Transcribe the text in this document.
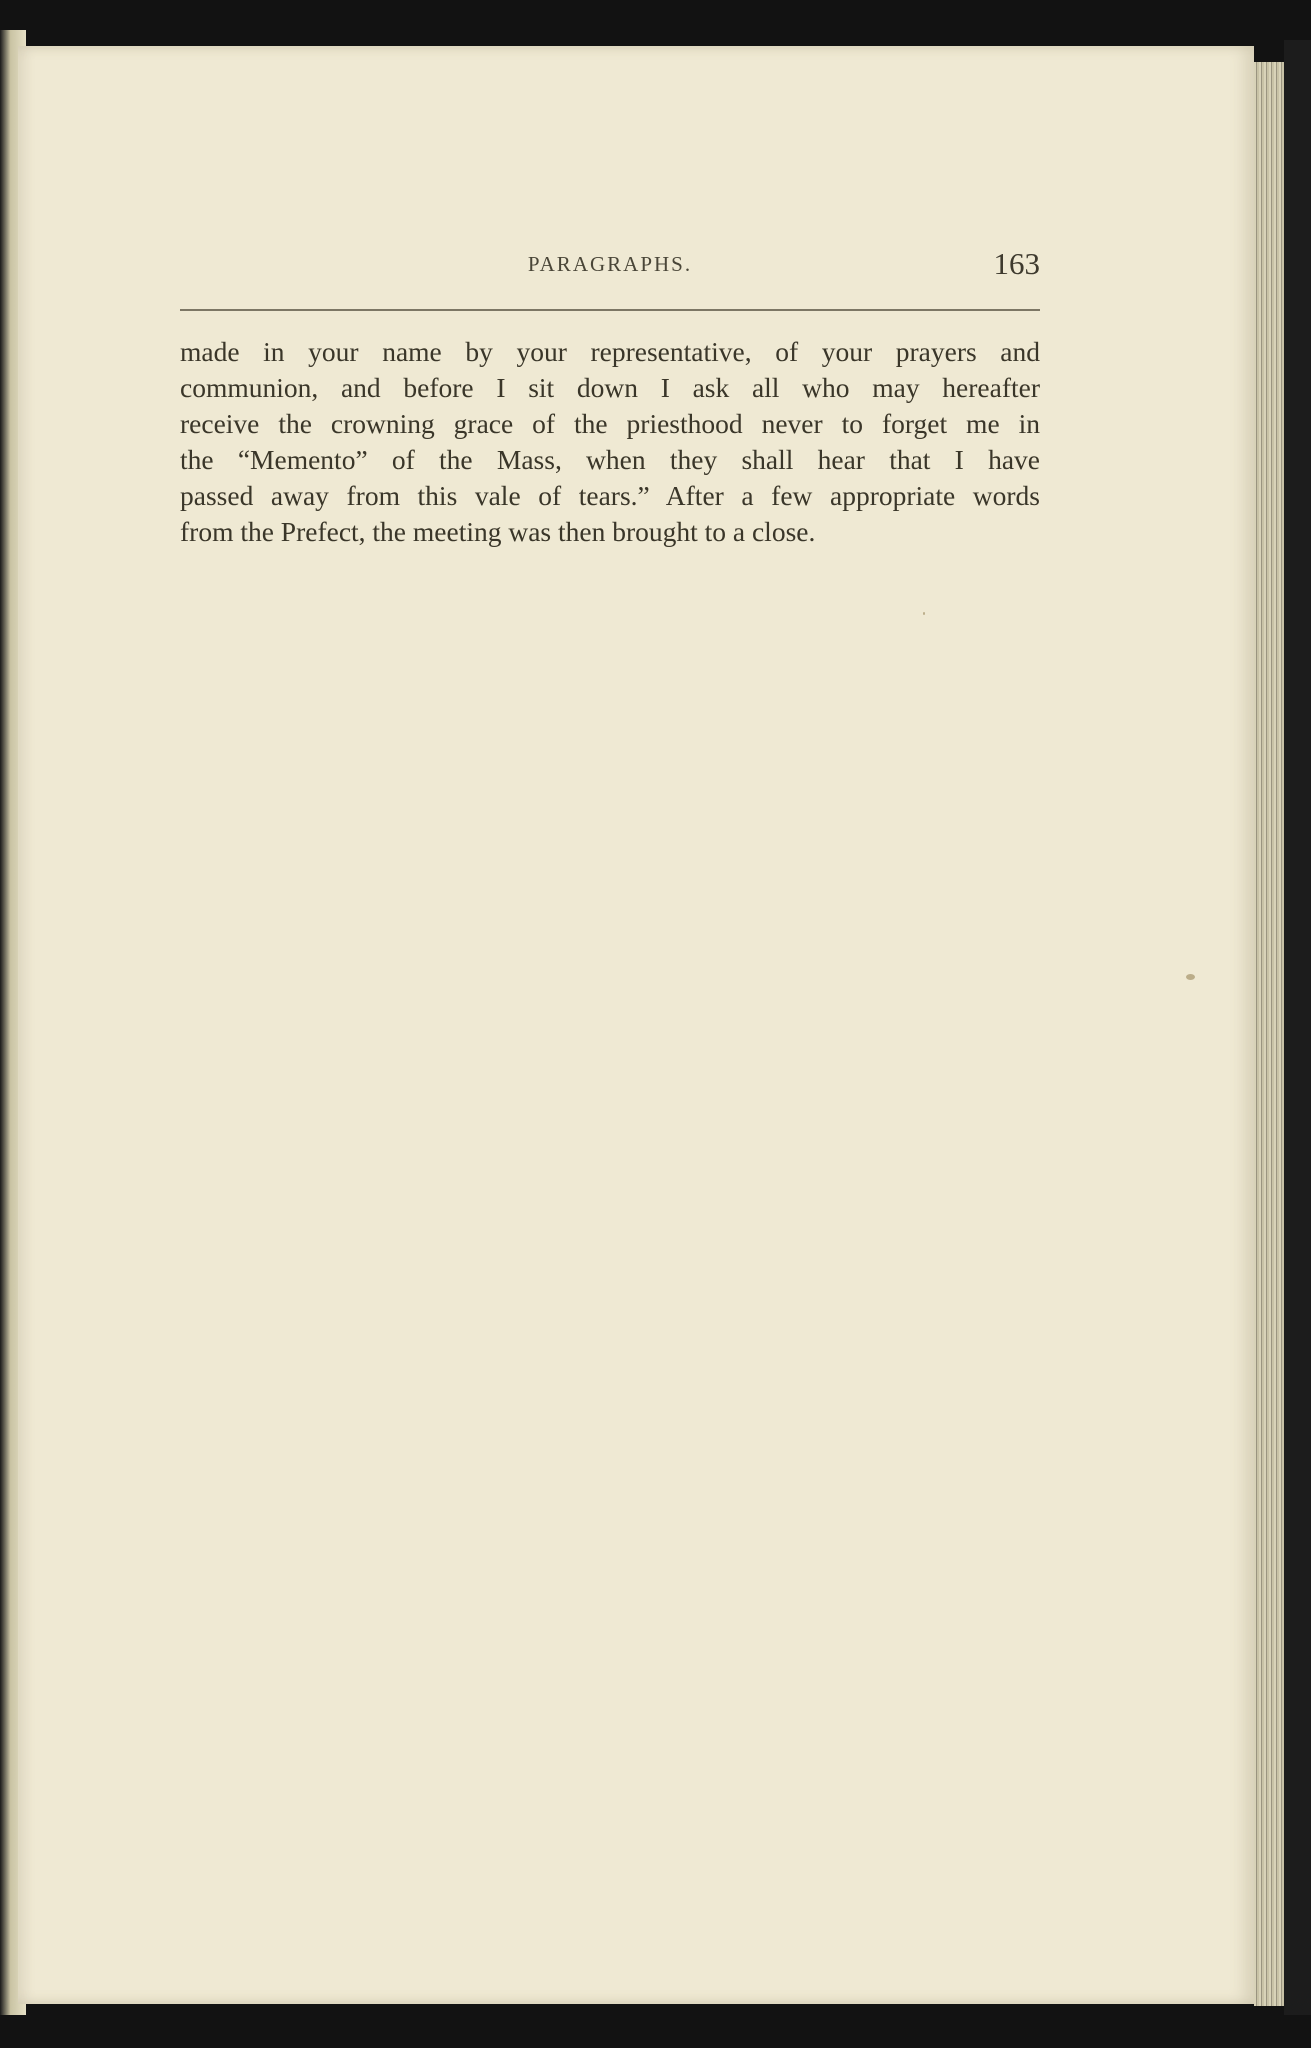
PARAGRAPHS.	163
made in your name by your representative, of your prayers and
communion, and before I sit down I ask all who may hereafter
receive the crowning grace of the priesthood never to forget me in
the “Memento” of the Mass, when they shall hear that I have
passed away from this vale of tears.” After a few appropriate words
from the Prefect, the meeting was then brought to a close.
